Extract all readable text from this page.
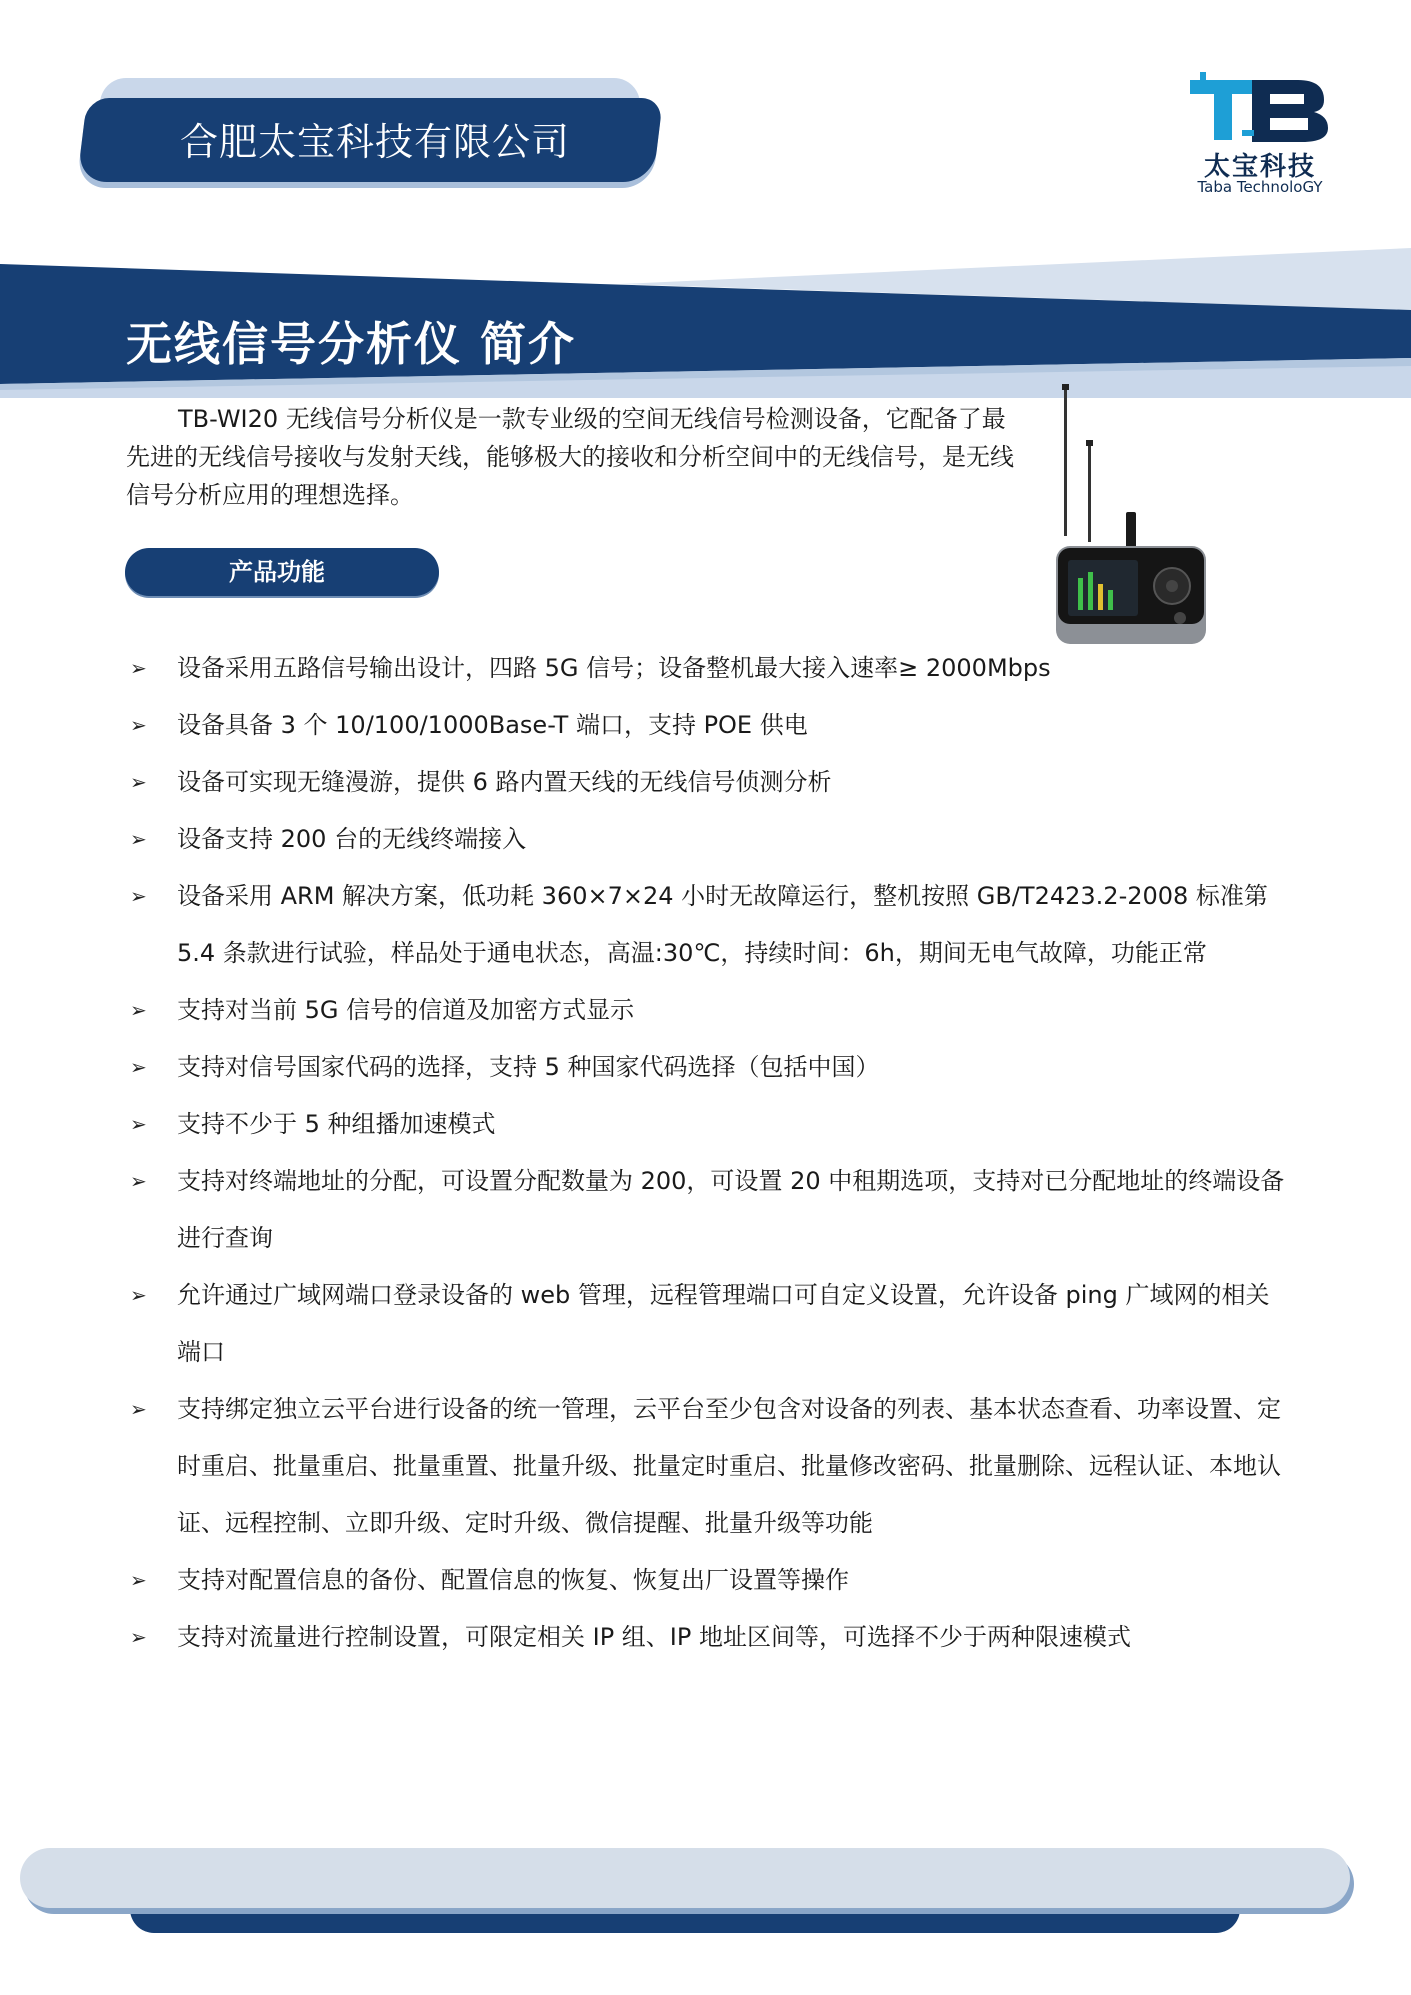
合肥太宝科技有限公司
太宝科技
Taba TechnoloGY
无线信号分析仪 简介
TB-WI20 无线信号分析仪是一款专业级的空间无线信号检测设备，它配备了最先进的无线信号接收与发射天线，能够极大的接收和分析空间中的无线信号，是无线信号分析应用的理想选择。
产品功能
➢ 设备采用五路信号输出设计，四路 5G 信号；设备整机最大接入速率≥ 2000Mbps
➢ 设备具备 3 个 10/100/1000Base-T 端口，支持 POE 供电
➢ 设备可实现无缝漫游，提供 6 路内置天线的无线信号侦测分析
➢ 设备支持 200 台的无线终端接入
➢ 设备采用 ARM 解决方案，低功耗 360×7×24 小时无故障运行，整机按照 GB/T2423.2-2008 标准第 5.4 条款进行试验，样品处于通电状态，高温:30℃，持续时间：6h，期间无电气故障，功能正常
➢ 支持对当前 5G 信号的信道及加密方式显示
➢ 支持对信号国家代码的选择，支持 5 种国家代码选择（包括中国）
➢ 支持不少于 5 种组播加速模式
➢ 支持对终端地址的分配，可设置分配数量为 200，可设置 20 中租期选项，支持对已分配地址的终端设备进行查询
➢ 允许通过广域网端口登录设备的 web 管理，远程管理端口可自定义设置，允许设备 ping 广域网的相关端口
➢ 支持绑定独立云平台进行设备的统一管理，云平台至少包含对设备的列表、基本状态查看、功率设置、定时重启、批量重启、批量重置、批量升级、批量定时重启、批量修改密码、批量删除、远程认证、本地认证、远程控制、立即升级、定时升级、微信提醒、批量升级等功能
➢ 支持对配置信息的备份、配置信息的恢复、恢复出厂设置等操作
➢ 支持对流量进行控制设置，可限定相关 IP 组、IP 地址区间等，可选择不少于两种限速模式
